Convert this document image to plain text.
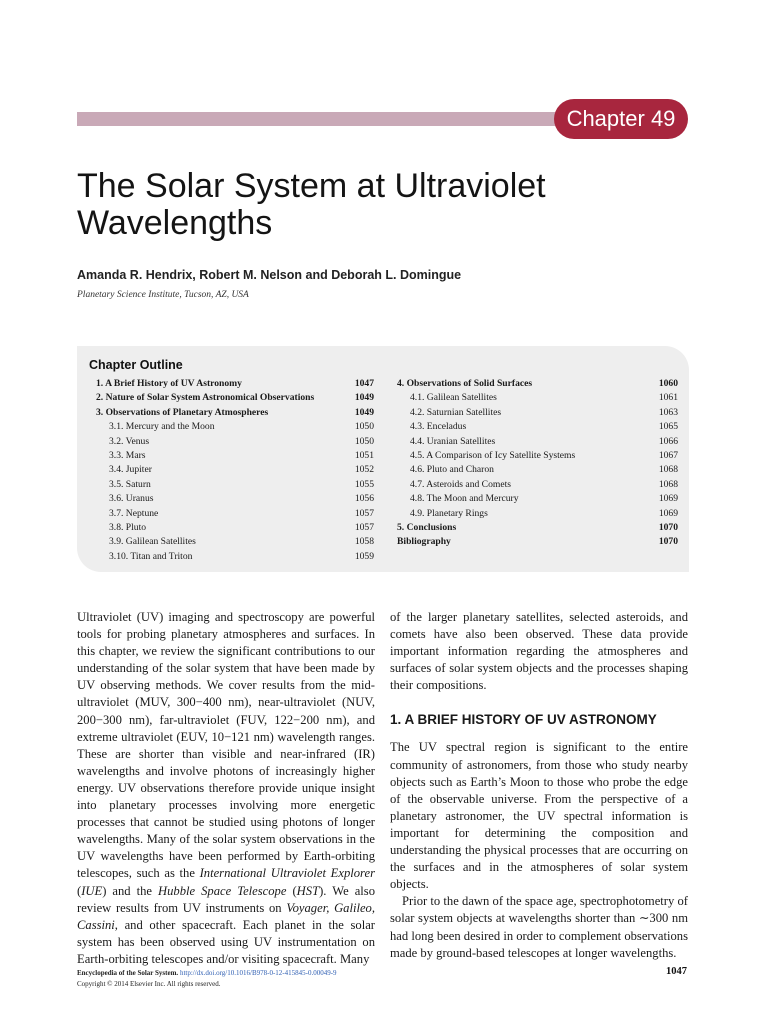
Chapter 49
The Solar System at Ultraviolet
Wavelengths
Amanda R. Hendrix, Robert M. Nelson and Deborah L. Domingue
Planetary Science Institute, Tucson, AZ, USA
Chapter Outline
1. A Brief History of UV Astronomy	1047
2. Nature of Solar System Astronomical Observations	1049
3. Observations of Planetary Atmospheres	1049
3.1. Mercury and the Moon	1050
3.2. Venus	1050
3.3. Mars	1051
3.4. Jupiter	1052
3.5. Saturn	1055
3.6. Uranus	1056
3.7. Neptune	1057
3.8. Pluto	1057
3.9. Galilean Satellites	1058
3.10. Titan and Triton	1059
4. Observations of Solid Surfaces	1060
4.1. Galilean Satellites	1061
4.2. Saturnian Satellites	1063
4.3. Enceladus	1065
4.4. Uranian Satellites	1066
4.5. A Comparison of Icy Satellite Systems	1067
4.6. Pluto and Charon	1068
4.7. Asteroids and Comets	1068
4.8. The Moon and Mercury	1069
4.9. Planetary Rings	1069
5. Conclusions	1070
Bibliography	1070

Ultraviolet (UV) imaging and spectroscopy are powerful tools for probing planetary atmospheres and surfaces. In this chapter, we review the significant contributions to our understanding of the solar system that have been made by UV observing methods. We cover results from the mid-ultraviolet (MUV, 300−400 nm), near-ultraviolet (NUV, 200−300 nm), far-ultraviolet (FUV, 122−200 nm), and extreme ultraviolet (EUV, 10−121 nm) wavelength ranges. These are shorter than visible and near-infrared (IR) wavelengths and involve photons of increasingly higher energy. UV observations therefore provide unique insight into planetary processes involving more energetic processes that cannot be studied using photons of longer wavelengths. Many of the solar system observations in the UV wavelengths have been performed by Earth-orbiting telescopes, such as the International Ultraviolet Explorer (IUE) and the Hubble Space Telescope (HST). We also review results from UV instruments on Voyager, Galileo, Cassini, and other spacecraft. Each planet in the solar system has been observed using UV instrumentation on Earth-orbiting telescopes and/or visiting spacecraft. Many

of the larger planetary satellites, selected asteroids, and comets have also been observed. These data provide important information regarding the atmospheres and surfaces of solar system objects and the processes shaping their compositions.

1. A BRIEF HISTORY OF UV ASTRONOMY

The UV spectral region is significant to the entire community of astronomers, from those who study nearby objects such as Earth’s Moon to those who probe the edge of the observable universe. From the perspective of a planetary astronomer, the UV spectral information is important for determining the composition and understanding the physical processes that are occurring on the surfaces and in the atmospheres of solar system objects.

Prior to the dawn of the space age, spectrophotometry of solar system objects at wavelengths shorter than ∼300 nm had long been desired in order to complement observations made by ground-based telescopes at longer wavelengths.

Encyclopedia of the Solar System. http://dx.doi.org/10.1016/B978-0-12-415845-0.00049-9
Copyright © 2014 Elsevier Inc. All rights reserved.
1047
